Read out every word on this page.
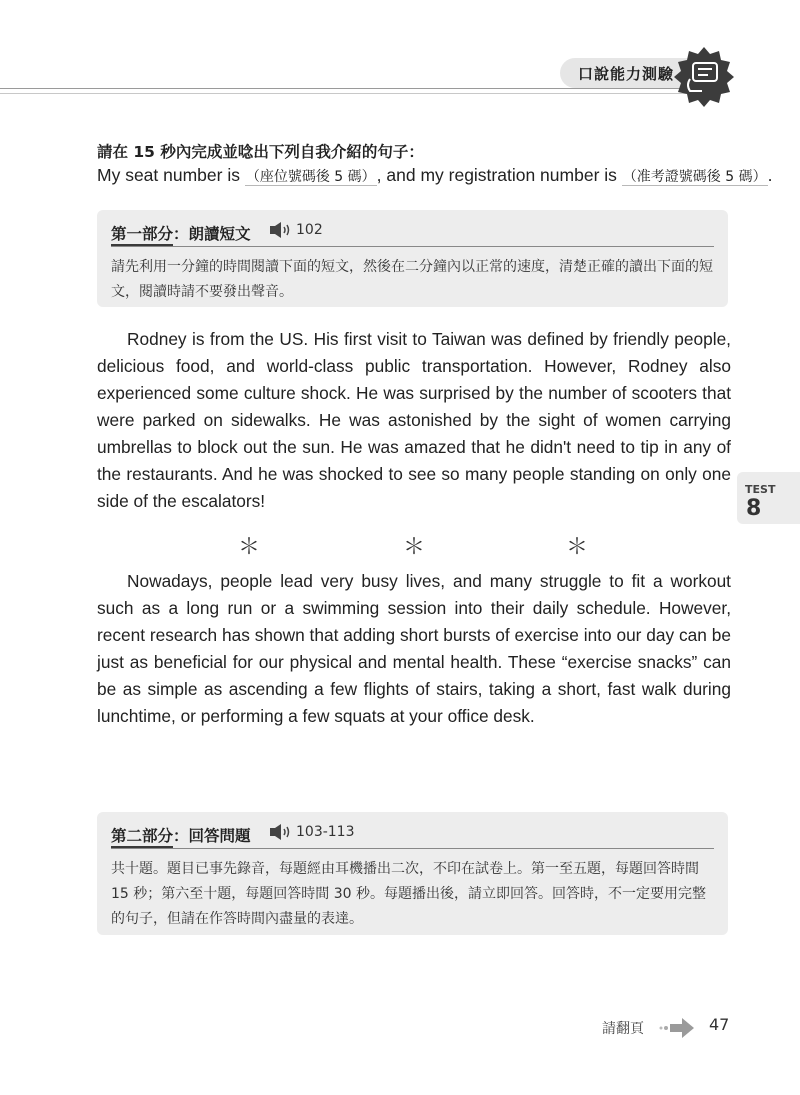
口說能力測驗
請在 15 秒內完成並唸出下列自我介紹的句子：
My seat number is （座位號碼後 5 碼）, and my registration number is （准考證號碼後 5 碼）.
第一部分：朗讀短文	102
請先利用一分鐘的時間閱讀下面的短文，然後在二分鐘內以正常的速度，清楚正確的讀出下面的短文，閱讀時請不要發出聲音。
Rodney is from the US. His first visit to Taiwan was defined by friendly people, delicious food, and world-class public transportation. However, Rodney also experienced some culture shock. He was surprised by the number of scooters that were parked on sidewalks. He was astonished by the sight of women carrying umbrellas to block out the sun. He was amazed that he didn't need to tip in any of the restaurants. And he was shocked to see so many people standing on only one side of the escalators!
＊	＊	＊
Nowadays, people lead very busy lives, and many struggle to fit a workout such as a long run or a swimming session into their daily schedule. However, recent research has shown that adding short bursts of exercise into our day can be just as beneficial for our physical and mental health. These “exercise snacks” can be as simple as ascending a few flights of stairs, taking a short, fast walk during lunchtime, or performing a few squats at your office desk.
第二部分：回答問題	103-113
共十題。題目已事先錄音，每題經由耳機播出二次，不印在試卷上。第一至五題，每題回答時間 15 秒；第六至十題，每題回答時間 30 秒。每題播出後，請立即回答。回答時，不一定要用完整的句子，但請在作答時間內盡量的表達。
TEST
8
請翻頁	47
